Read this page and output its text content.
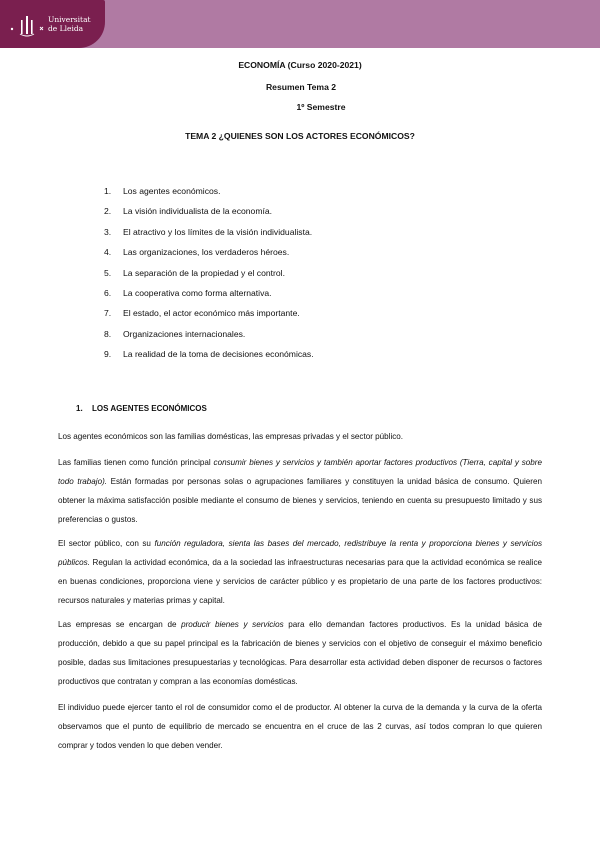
Universitat
de Lleida
ECONOMÍA (Curso 2020-2021)
Resumen Tema 2
1º Semestre
TEMA 2 ¿QUIENES SON LOS ACTORES ECONÓMICOS?
1.	Los agentes económicos.
2.	La visión individualista de la economía.
3.	El atractivo y los límites de la visión individualista.
4.	Las organizaciones, los verdaderos héroes.
5.	La separación de la propiedad y el control.
6.	La cooperativa como forma alternativa.
7.	El estado, el actor económico más importante.
8.	Organizaciones internacionales.
9.	La realidad de la toma de decisiones económicas.
1. LOS AGENTES ECONÓMICOS

Los agentes económicos son las familias domésticas, las empresas privadas y el sector público.

Las familias tienen como función principal consumir bienes y servicios y también aportar factores productivos (Tierra, capital y sobre todo trabajo). Están formadas por personas solas o agrupaciones familiares y constituyen la unidad básica de consumo. Quieren obtener la máxima satisfacción posible mediante el consumo de bienes y servicios, teniendo en cuenta su presupuesto limitado y sus preferencias o gustos.

El sector público, con su función reguladora, sienta las bases del mercado, redistribuye la renta y proporciona bienes y servicios públicos. Regulan la actividad económica, da a la sociedad las infraestructuras necesarias para que la actividad económica se realice en buenas condiciones, proporciona viene y servicios de carácter público y es propietario de una parte de los factores productivos: recursos naturales y materias primas y capital.

Las empresas se encargan de producir bienes y servicios para ello demandan factores productivos. Es la unidad básica de producción, debido a que su papel principal es la fabricación de bienes y servicios con el objetivo de conseguir el máximo beneficio posible, dadas sus limitaciones presupuestarias y tecnológicas. Para desarrollar esta actividad deben disponer de recursos o factores productivos que contratan y compran a las economías domésticas.

El individuo puede ejercer tanto el rol de consumidor como el de productor. Al obtener la curva de la demanda y la curva de la oferta observamos que el punto de equilibrio de mercado se encuentra en el cruce de las 2 curvas, así todos compran lo que quieren comprar y todos venden lo que deben vender.
